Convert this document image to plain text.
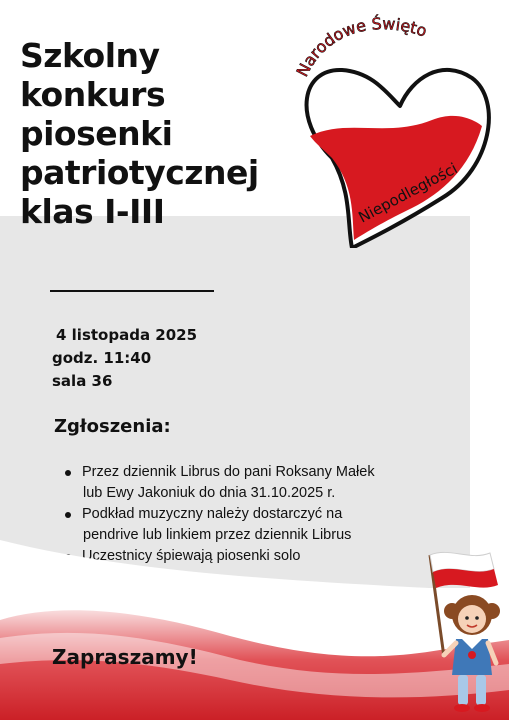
Szkolny
konkurs
piosenki
patriotycznej
klas I-III
4 listopada 2025
godz. 11:40
sala 36
Zgłoszenia:
Przez dziennik Librus do pani Roksany Małek
lub Ewy Jakoniuk do dnia 31.10.2025 r.
Podkład muzyczny należy dostarczyć na
pendrive lub linkiem przez dziennik Librus
Uczestnicy śpiewają piosenki solo
Zapraszamy!
Narodowe Święto
Niepodległości
